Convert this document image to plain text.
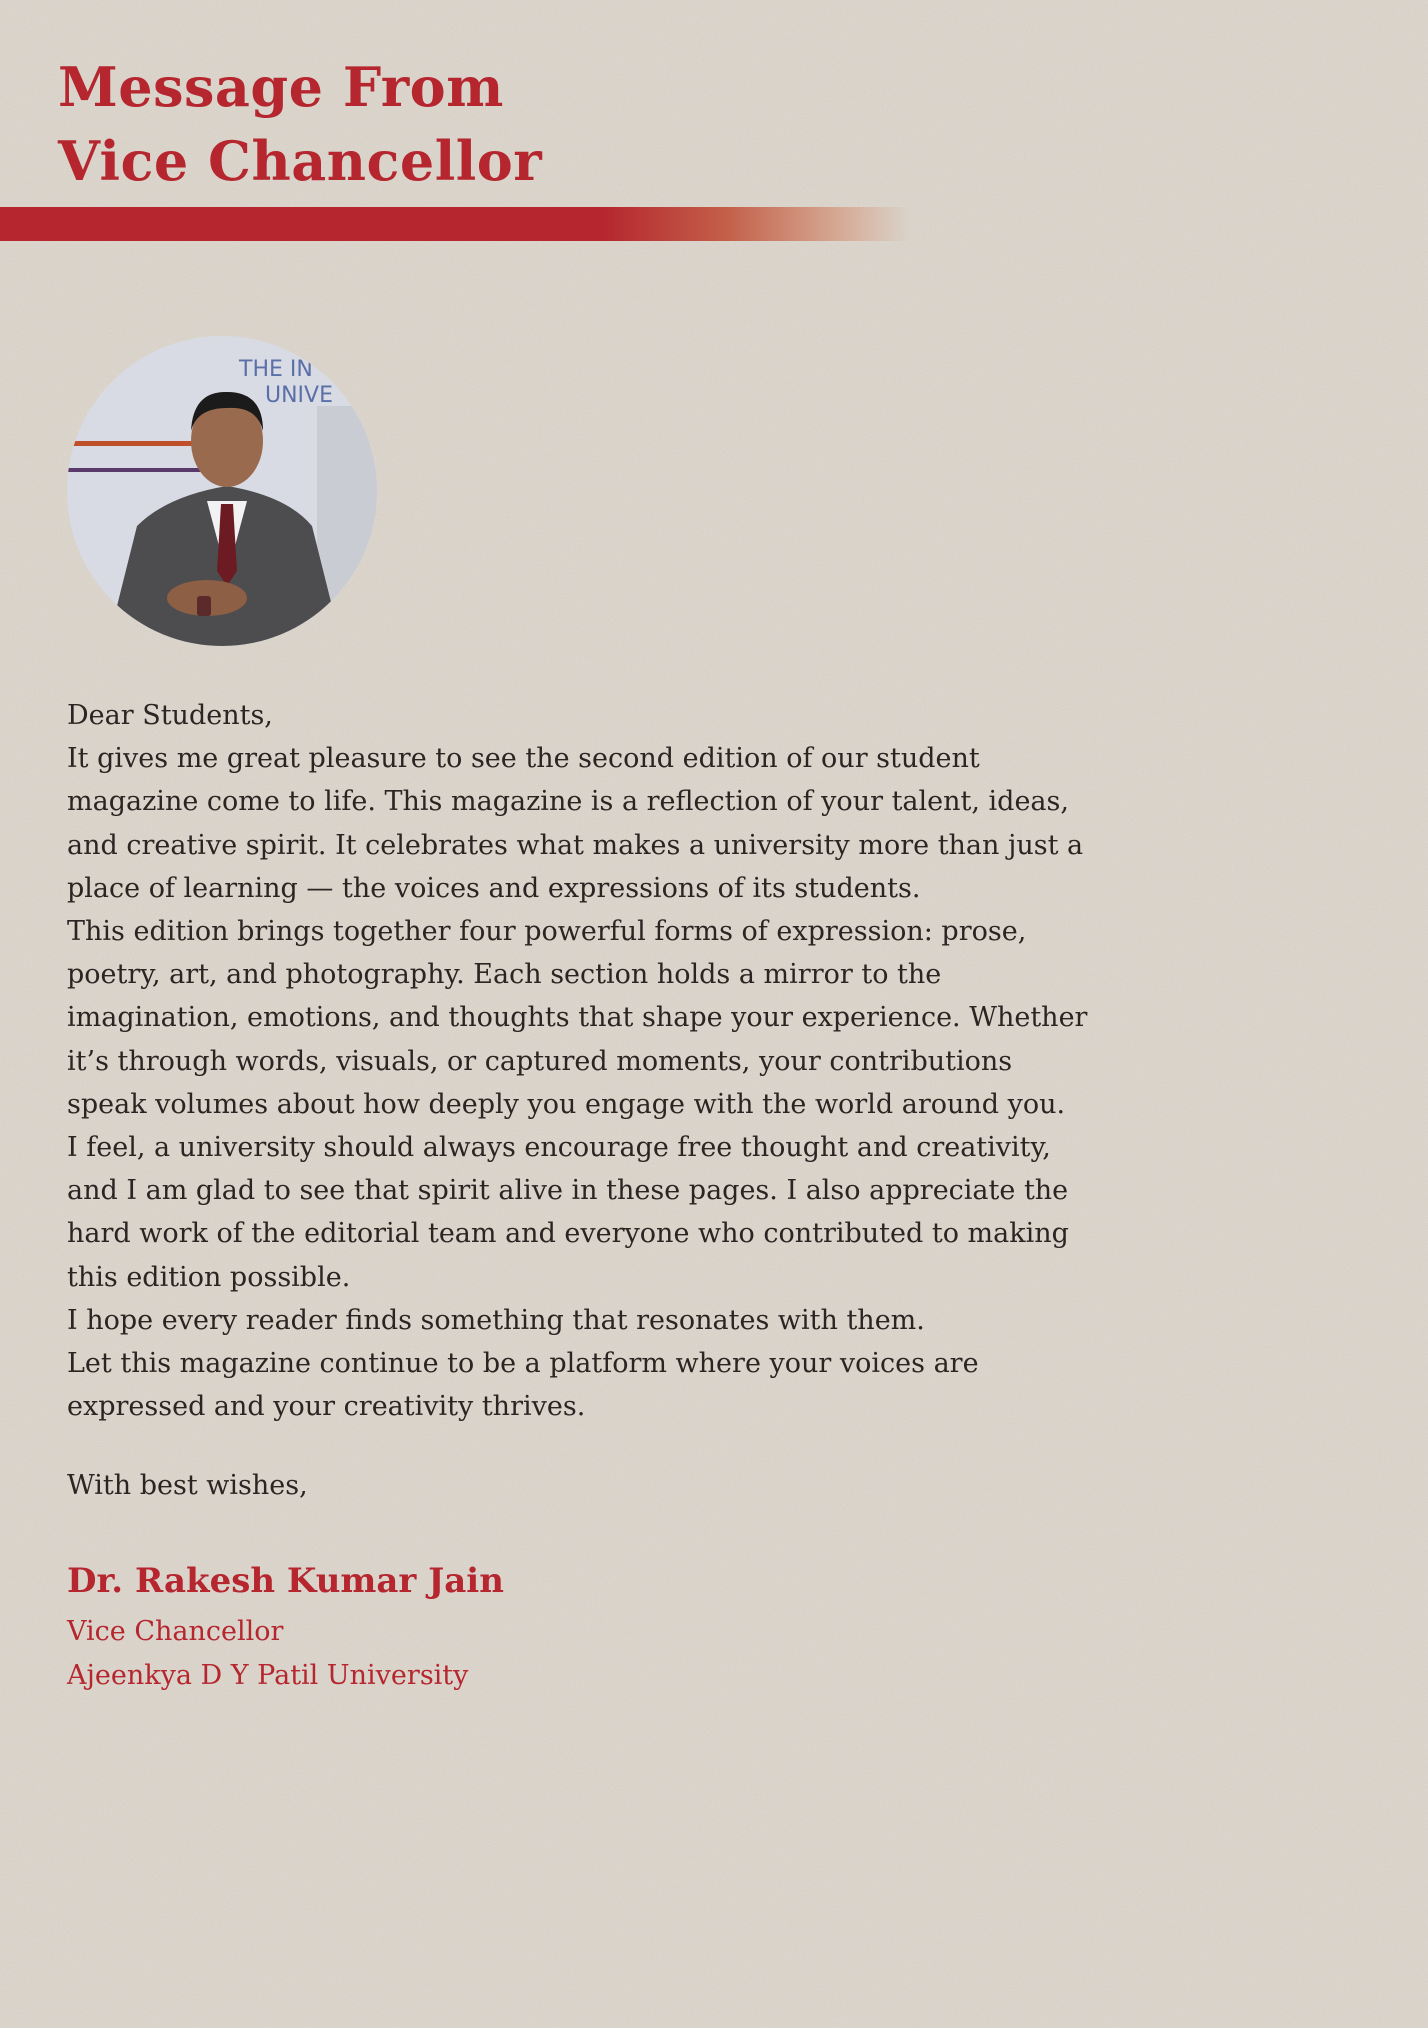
Message From
Vice Chancellor
THE IN
UNIVE
Dear Students,
It gives me great pleasure to see the second edition of our student
magazine come to life. This magazine is a reflection of your talent, ideas,
and creative spirit. It celebrates what makes a university more than just a
place of learning — the voices and expressions of its students.
This edition brings together four powerful forms of expression: prose,
poetry, art, and photography. Each section holds a mirror to the
imagination, emotions, and thoughts that shape your experience. Whether
it’s through words, visuals, or captured moments, your contributions
speak volumes about how deeply you engage with the world around you.
I feel, a university should always encourage free thought and creativity,
and I am glad to see that spirit alive in these pages. I also appreciate the
hard work of the editorial team and everyone who contributed to making
this edition possible.
I hope every reader finds something that resonates with them.
Let this magazine continue to be a platform where your voices are
expressed and your creativity thrives.
With best wishes,
Dr. Rakesh Kumar Jain
Vice Chancellor
Ajeenkya D Y Patil University
